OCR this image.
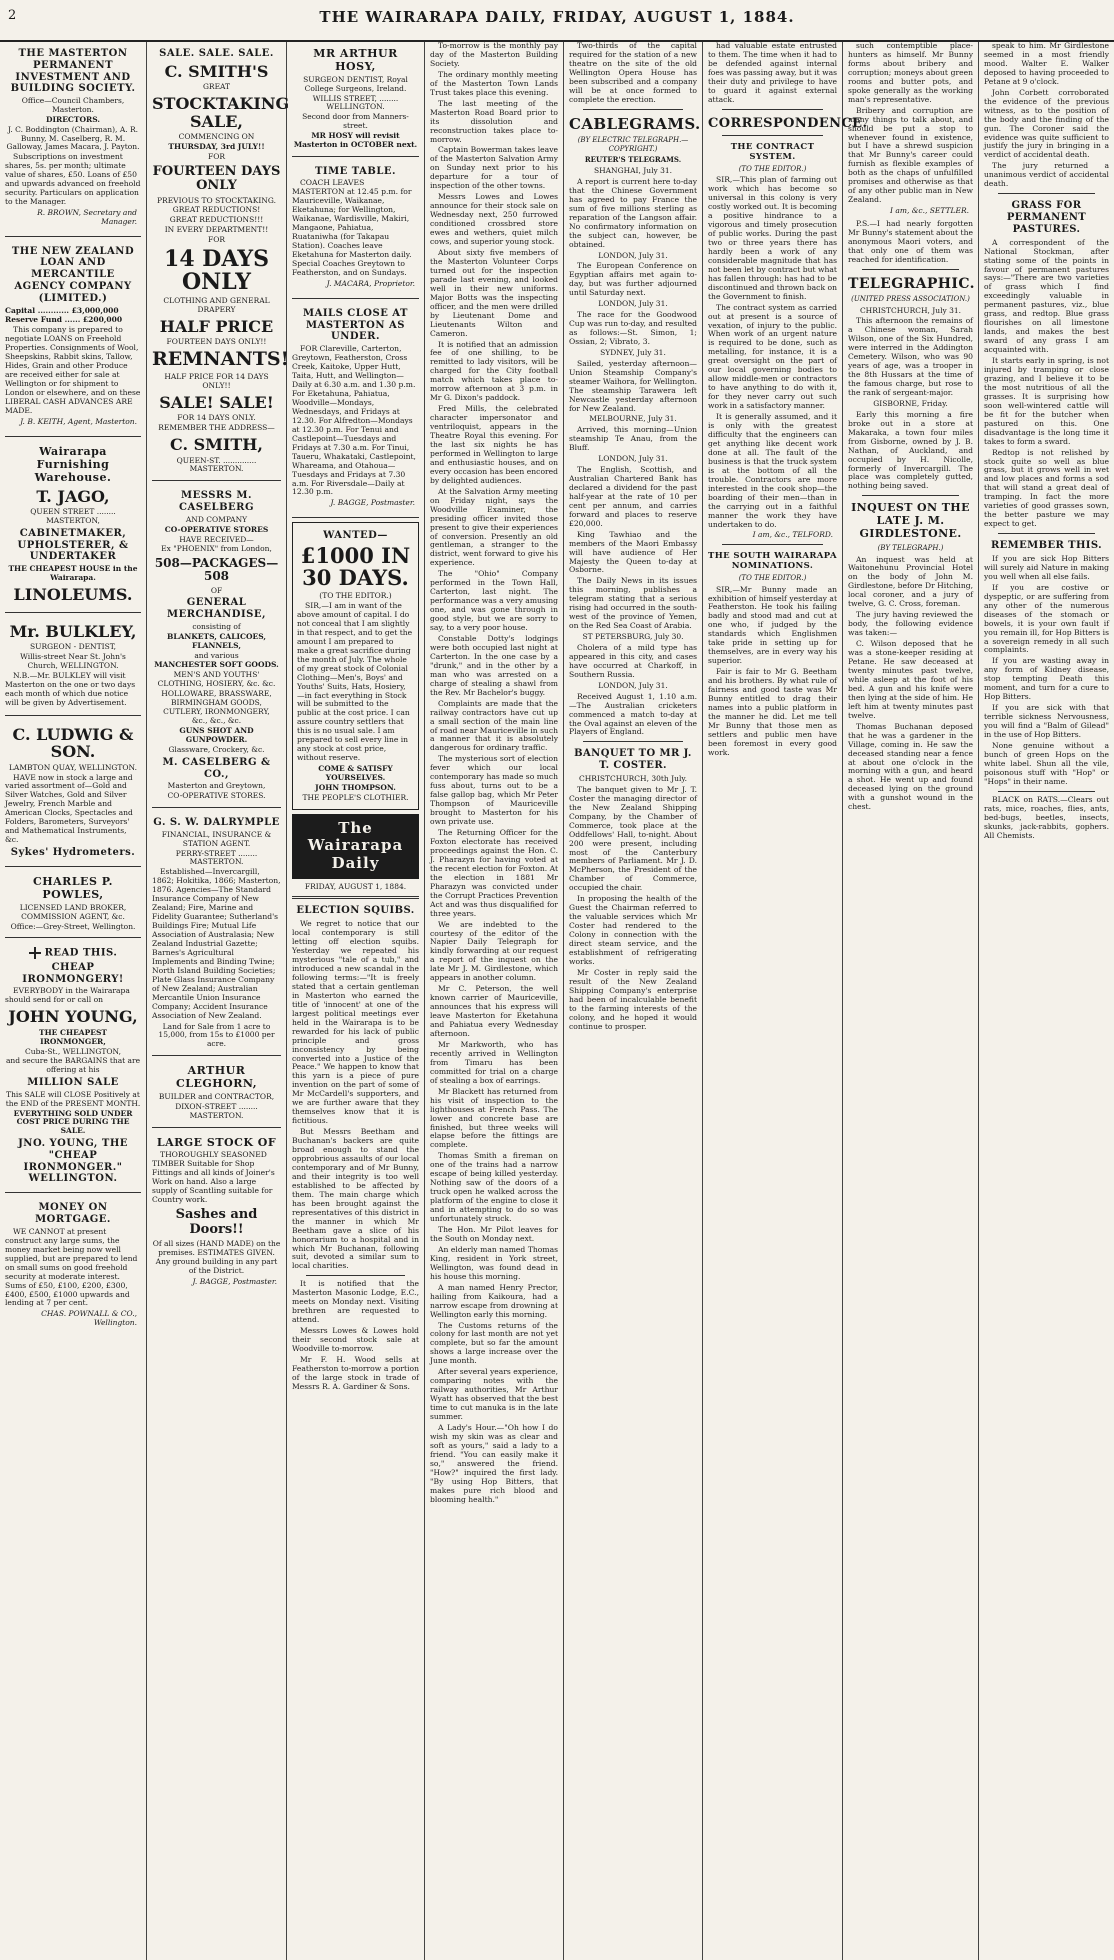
2	THE WAIRARAPA DAILY, FRIDAY, AUGUST 1, 1884.
THE MASTERTON PERMANENT INVESTMENT AND BUILDING SOCIETY.
Office—Council Chambers, Masterton.
DIRECTORS.
J. C. Boddington (Chairman), A. R. Bunny, M. Caselberg, R. M. Galloway, James Macara, J. Payton.

Subscriptions on investment shares, 5s. per month; ultimate value of shares, £50. Loans of £50 and upwards advanced on freehold security. Particulars on application to the Manager.

R. BROWN, Secretary and Manager.
THE NEW ZEALAND LOAN AND MERCANTILE AGENCY COMPANY (LIMITED.)
Capital ............ £3,000,000
Reserve Fund ...... £200,000

This company is prepared to negotiate LOANS on Freehold Properties. Consignments of Wool, Sheepskins, Rabbit skins, Tallow, Hides, Grain and other Produce are received either for sale at Wellington or for shipment to London or elsewhere, and on these LIBERAL CASH ADVANCES ARE MADE.

J. B. KEITH, Agent, Masterton.
Wairarapa Furnishing Warehouse.
T. JAGO,
QUEEN STREET ........ MASTERTON,
CABINETMAKER, UPHOLSTERER, & UNDERTAKER
THE CHEAPEST HOUSE in the Wairarapa.
LINOLEUMS.
Mr. BULKLEY,
SURGEON - DENTIST,
Willis-street Near St. John's Church, WELLINGTON.

N.B.—Mr. BULKLEY will visit Masterton on the one or two days each month of which due notice will be given by Advertisement.

C. LUDWIG & SON.
LAMBTON QUAY, WELLINGTON.

HAVE now in stock a large and varied assortment of—Gold and Silver Watches, Gold and Silver Jewelry, French Marble and American Clocks, Spectacles and Folders, Barometers, Surveyors' and Mathematical Instruments, &c.

Sykes' Hydrometers.
CHARLES P. POWLES,
LICENSED LAND BROKER, COMMISSION AGENT, &c.
Office:—Grey-Street, Wellington.
READ THIS.
CHEAP IRONMONGERY!

EVERYBODY in the Wairarapa should send for or call on

JOHN YOUNG,
THE CHEAPEST IRONMONGER,
Cuba-St., WELLINGTON,
and secure the BARGAINS that are offering at his
MILLION SALE
This SALE will CLOSE Positively at the END of the PRESENT MONTH.
EVERYTHING SOLD UNDER COST PRICE DURING THE SALE.
JNO. YOUNG, THE "CHEAP IRONMONGER." WELLINGTON.
MONEY ON MORTGAGE.

WE CANNOT at present construct any large sums, the money market being now well supplied, but are prepared to lend on small sums on good freehold security at moderate interest. Sums of £50, £100, £200, £300, £400, £500, £1000 upwards and lending at 7 per cent.

CHAS. POWNALL & CO., Wellington.
SALE. SALE. SALE.
C. SMITH'S
GREAT
STOCKTAKING SALE,
COMMENCING ON
THURSDAY, 3rd JULY!!
FOR
FOURTEEN DAYS ONLY
PREVIOUS TO STOCKTAKING.
GREAT REDUCTIONS!
GREAT REDUCTIONS!!!
IN EVERY DEPARTMENT!!
FOR
14 DAYS ONLY
CLOTHING AND GENERAL DRAPERY
HALF PRICE
FOURTEEN DAYS ONLY!!
REMNANTS!
HALF PRICE FOR 14 DAYS ONLY!!
SALE! SALE!
FOR 14 DAYS ONLY.
REMEMBER THE ADDRESS—
C. SMITH,
QUEEN-ST. .............. MASTERTON.
MESSRS M. CASELBERG
AND COMPANY
CO-OPERATIVE STORES
HAVE RECEIVED—
Ex "PHOENIX" from London,
508—PACKAGES—508
OF
GENERAL MERCHANDISE,
consisting of
BLANKETS, CALICOES, FLANNELS,
and various
MANCHESTER SOFT GOODS.
MEN'S AND YOUTHS' CLOTHING, HOSIERY, &c. &c.
HOLLOWARE, BRASSWARE, BIRMINGHAM GOODS, CUTLERY, IRONMONGERY,
&c., &c., &c.
GUNS SHOT AND GUNPOWDER.
Glassware, Crockery, &c.
M. CASELBERG & CO.,
Masterton and Greytown,
CO-OPERATIVE STORES.
G. S. W. DALRYMPLE
FINANCIAL, INSURANCE & STATION AGENT.
PERRY-STREET ........ MASTERTON.

Established—Invercargill, 1862; Hokitika, 1866; Masterton, 1876. Agencies—The Standard Insurance Company of New Zealand; Fire, Marine and Fidelity Guarantee; Sutherland's Buildings Fire; Mutual Life Association of Australasia; New Zealand Industrial Gazette; Barnes's Agricultural Implements and Binding Twine; North Island Building Societies; Plate Glass Insurance Company of New Zealand; Australian Mercantile Union Insurance Company; Accident Insurance Association of New Zealand.

Land for Sale from 1 acre to 15,000, from 15s to £1000 per acre.
ARTHUR CLEGHORN,
BUILDER and CONTRACTOR,
DIXON-STREET ........ MASTERTON.
LARGE STOCK OF

THOROUGHLY SEASONED TIMBER Suitable for Shop Fittings and all kinds of Joiner's Work on hand. Also a large supply of Scantling suitable for Country work.

Sashes and Doors!!
Of all sizes (HAND MADE) on the premises. ESTIMATES GIVEN.
Any ground building in any part of the District.
J. BAGGE, Postmaster.
MR ARTHUR HOSY,
SURGEON DENTIST, Royal College Surgeons, Ireland.
WILLIS STREET, ........ WELLINGTON.
Second door from Manners-street.
MR HOSY will revisit Masterton in OCTOBER next.
TIME TABLE.

COACH LEAVES MASTERTON at 12.45 p.m. for Mauriceville, Waikanae, Eketahuna; for Wellington, Waikanae, Wardisville, Makiri, Mangaone, Pahiatua, Ruataniwha (for Takapau Station). Coaches leave Eketahuna for Masterton daily. Special Coaches Greytown to Featherston, and on Sundays.

J. MACARA, Proprietor.
MAILS CLOSE AT MASTERTON AS UNDER.

FOR Clareville, Carterton, Greytown, Featherston, Cross Creek, Kaitoke, Upper Hutt, Taita, Hutt, and Wellington—Daily at 6.30 a.m. and 1.30 p.m. For Eketahuna, Pahiatua, Woodville—Mondays, Wednesdays, and Fridays at 12.30. For Alfredton—Mondays at 12.30 p.m. For Tenui and Castlepoint—Tuesdays and Fridays at 7.30 a.m. For Tinui, Taueru, Whakataki, Castlepoint, Whareama, and Otahoua—Tuesdays and Fridays at 7.30 a.m. For Riversdale—Daily at 12.30 p.m.

J. BAGGE, Postmaster.
WANTED—
£1000 IN 30 DAYS.
(TO THE EDITOR.)

SIR,—I am in want of the above amount of capital. I do not conceal that I am slightly in that respect, and to get the amount I am prepared to make a great sacrifice during the month of July. The whole of my great stock of Colonial Clothing—Men's, Boys' and Youths' Suits, Hats, Hosiery, —in fact everything in Stock will be submitted to the public at the cost price. I can assure country settlers that this is no usual sale. I am prepared to sell every line in any stock at cost price, without reserve.

COME & SATISFY YOURSELVES.
JOHN THOMPSON.
THE PEOPLE'S CLOTHIER.
The Wairarapa Daily
FRIDAY, AUGUST 1, 1884.
ELECTION SQUIBS.

We regret to notice that our local contemporary is still letting off election squibs. Yesterday we repeated his mysterious "tale of a tub," and introduced a new scandal in the following terms:—"It is freely stated that a certain gentleman in Masterton who earned the title of 'innocent' at one of the largest political meetings ever held in the Wairarapa is to be rewarded for his lack of public principle and gross inconsistency by being converted into a Justice of the Peace." We happen to know that this yarn is a piece of pure invention on the part of some of Mr McCardell's supporters, and we are further aware that they themselves know that it is fictitious.

But Messrs Beetham and Buchanan's backers are quite broad enough to stand the opprobrious assaults of our local contemporary and of Mr Bunny, and their integrity is too well established to be affected by them. The main charge which has been brought against the representatives of this district in the manner in which Mr Beetham gave a slice of his honorarium to a hospital and in which Mr Buchanan, following suit, devoted a similar sum to local charities.

It is notified that the Masterton Masonic Lodge, E.C., meets on Monday next. Visiting brethren are requested to attend.

Messrs Lowes & Lowes hold their second stock sale at Woodville to-morrow.

Mr F. H. Wood sells at Featherston to-morrow a portion of the large stock in trade of Messrs R. A. Gardiner & Sons.

To-morrow is the monthly pay day of the Masterton Building Society.

The ordinary monthly meeting of the Masterton Town Lands Trust takes place this evening.

The last meeting of the Masterton Road Board prior to its dissolution and reconstruction takes place to-morrow.

Captain Bowerman takes leave of the Masterton Salvation Army on Sunday next prior to his departure for a tour of inspection of the other towns.

Messrs Lowes and Lowes announce for their stock sale on Wednesday next, 250 furrowed conditioned crossbred store ewes and wethers, quiet milch cows, and superior young stock.

About sixty five members of the Masterton Volunteer Corps turned out for the inspection parade last evening, and looked well in their new uniforms. Major Botts was the inspecting officer, and the men were drilled by Lieutenant Dome and Lieutenants Wilton and Cameron.

It is notified that an admission fee of one shilling, to be remitted to lady visitors, will be charged for the City football match which takes place to-morrow afternoon at 3 p.m. in Mr G. Dixon's paddock.

Fred Mills, the celebrated character impersonator and ventriloquist, appears in the Theatre Royal this evening. For the last six nights he has performed in Wellington to large and enthusiastic houses, and on every occasion has been encored by delighted audiences.

At the Salvation Army meeting on Friday night, says the Woodville Examiner, the presiding officer invited those present to give their experiences of conversion. Presently an old gentleman, a stranger to the district, went forward to give his experience.

The "Ohio" Company performed in the Town Hall, Carterton, last night. The performance was a very amusing one, and was gone through in good style, but we are sorry to say, to a very poor house.

Constable Dotty's lodgings were both occupied last night at Carterton. In the one case by a "drunk," and in the other by a man who was arrested on a charge of stealing a shawl from the Rev. Mr Bachelor's buggy.

Complaints are made that the railway contractors have cut up a small section of the main line of road near Mauriceville in such a manner that it is absolutely dangerous for ordinary traffic.

The mysterious sort of election fever which our local contemporary has made so much fuss about, turns out to be a false gallop bag, which Mr Peter Thompson of Mauriceville brought to Masterton for his own private use.

The Returning Officer for the Foxton electorate has received proceedings against the Hon. C. J. Pharazyn for having voted at the recent election for Foxton. At the election in 1881 Mr Pharazyn was convicted under the Corrupt Practices Prevention Act and was thus disqualified for three years.

We are indebted to the courtesy of the editor of the Napier Daily Telegraph for kindly forwarding at our request a report of the inquest on the late Mr J. M. Girdlestone, which appears in another column.

Mr C. Peterson, the well known carrier of Mauriceville, announces that his express will leave Masterton for Eketahuna and Pahiatua every Wednesday afternoon.

Mr Markworth, who has recently arrived in Wellington from Timaru has been committed for trial on a charge of stealing a box of earrings.

Mr Blackett has returned from his visit of inspection to the lighthouses at French Pass. The lower and concrete base are finished, but three weeks will elapse before the fittings are complete.

Thomas Smith a fireman on one of the trains had a narrow escape of being killed yesterday. Nothing saw of the doors of a truck open he walked across the platform of the engine to close it and in attempting to do so was unfortunately struck.

The Hon. Mr Pilot leaves for the South on Monday next.

An elderly man named Thomas King, resident in York street, Wellington, was found dead in his house this morning.

A man named Henry Prector, hailing from Kaikoura, had a narrow escape from drowning at Wellington early this morning.

The Customs returns of the colony for last month are not yet complete, but so far the amount shows a large increase over the June month.

After several years experience, comparing notes with the railway authorities, Mr Arthur Wyatt has observed that the best time to cut manuka is in the late summer.

A Lady's Hour.—"Oh how I do wish my skin was as clear and soft as yours," said a lady to a friend. "You can easily make it so," answered the friend. "How?" inquired the first lady. "By using Hop Bitters, that makes pure rich blood and blooming health."

Two-thirds of the capital required for the station of a new theatre on the site of the old Wellington Opera House has been subscribed and a company will be at once formed to complete the erection.

CABLEGRAMS.
(BY ELECTRIC TELEGRAPH.—COPYRIGHT.)
REUTER'S TELEGRAMS.
SHANGHAI, July 31.

A report is current here to-day that the Chinese Government has agreed to pay France the sum of five millions sterling as reparation of the Langson affair. No confirmatory information on the subject can, however, be obtained.

LONDON, July 31.

The European Conference on Egyptian affairs met again to-day, but was further adjourned until Saturday next.

LONDON, July 31.

The race for the Goodwood Cup was run to-day, and resulted as follows:—St. Simon, 1; Ossian, 2; Vibrato, 3.

SYDNEY, July 31.

Sailed, yesterday afternoon—Union Steamship Company's steamer Waihora, for Wellington. The steamship Tarawera left Newcastle yesterday afternoon for New Zealand.

MELBOURNE, July 31.

Arrived, this morning—Union steamship Te Anau, from the Bluff.

LONDON, July 31.

The English, Scottish, and Australian Chartered Bank has declared a dividend for the past half-year at the rate of 10 per cent per annum, and carries forward and places to reserve £20,000.

King Tawhiao and the members of the Maori Embassy will have audience of Her Majesty the Queen to-day at Osborne.

The Daily News in its issues this morning, publishes a telegram stating that a serious rising had occurred in the south-west of the province of Yemen, on the Red Sea Coast of Arabia.

ST PETERSBURG, July 30.

Cholera of a mild type has appeared in this city, and cases have occurred at Charkoff, in Southern Russia.

LONDON, July 31.

Received August 1, 1.10 a.m.—The Australian cricketers commenced a match to-day at the Oval against an eleven of the Players of England.

BANQUET TO MR J. T. COSTER.
CHRISTCHURCH, 30th July.

The banquet given to Mr J. T. Coster the managing director of the New Zealand Shipping Company, by the Chamber of Commerce, took place at the Oddfellows' Hall, to-night. About 200 were present, including most of the Canterbury members of Parliament. Mr J. D. McPherson, the President of the Chamber of Commerce, occupied the chair.

In proposing the health of the Guest the Chairman referred to the valuable services which Mr Coster had rendered to the Colony in connection with the direct steam service, and the establishment of refrigerating works.

Mr Coster in reply said the result of the New Zealand Shipping Company's enterprise had been of incalculable benefit to the farming interests of the colony, and he hoped it would continue to prosper.

had valuable estate entrusted to them. The time when it had to be defended against internal foes was passing away, but it was their duty and privilege to have to guard it against external attack.

CORRESPONDENCE.
THE CONTRACT SYSTEM.
(TO THE EDITOR.)

SIR,—This plan of farming out work which has become so universal in this colony is very costly worked out. It is becoming a positive hindrance to a vigorous and timely prosecution of public works. During the past two or three years there has hardly been a work of any considerable magnitude that has not been let by contract but what has fallen through: has had to be discontinued and thrown back on the Government to finish.

The contract system as carried out at present is a source of vexation, of injury to the public. When work of an urgent nature is required to be done, such as metalling, for instance, it is a great oversight on the part of our local governing bodies to allow middle-men or contractors to have anything to do with it, for they never carry out such work in a satisfactory manner.

It is generally assumed, and it is only with the greatest difficulty that the engineers can get anything like decent work done at all. The fault of the business is that the truck system is at the bottom of all the trouble. Contractors are more interested in the cook shop—the boarding of their men—than in the carrying out in a faithful manner the work they have undertaken to do.

I am, &c., TELFORD.
THE SOUTH WAIRARAPA NOMINATIONS.
(TO THE EDITOR.)

SIR,—Mr Bunny made an exhibition of himself yesterday at Featherston. He took his failing badly and stood mad and cut at one who, if judged by the standards which Englishmen take pride in setting up for themselves, are in every way his superior.

Fair is fair to Mr G. Beetham and his brothers. By what rule of fairness and good taste was Mr Bunny entitled to drag their names into a public platform in the manner he did. Let me tell Mr Bunny that those men as settlers and public men have been foremost in every good work.

such contemptible place-hunters as himself. Mr Bunny forms about bribery and corruption; moneys about green rooms and butter pots, and spoke generally as the working man's representative.

Bribery and corruption are many things to talk about, and should be put a stop to whenever found in existence, but I have a shrewd suspicion that Mr Bunny's career could furnish as flexible examples of both as the chaps of unfulfilled promises and otherwise as that of any other public man in New Zealand.

I am, &c., SETTLER.

P.S.—I had nearly forgotten Mr Bunny's statement about the anonymous Maori voters, and that only one of them was reached for identification.

TELEGRAPHIC.
(UNITED PRESS ASSOCIATION.)
CHRISTCHURCH, July 31.

This afternoon the remains of a Chinese woman, Sarah Wilson, one of the Six Hundred, were interred in the Addington Cemetery. Wilson, who was 90 years of age, was a trooper in the 8th Hussars at the time of the famous charge, but rose to the rank of sergeant-major.

GISBORNE, Friday.

Early this morning a fire broke out in a store at Makaraka, a town four miles from Gisborne, owned by J. B. Nathan, of Auckland, and occupied by H. Nicolle, formerly of Invercargill. The place was completely gutted, nothing being saved.

INQUEST ON THE LATE J. M. GIRDLESTONE.
(BY TELEGRAPH.)

An inquest was held at Waitonehunu Provincial Hotel on the body of John M. Girdlestone, before Dr Hitching, local coroner, and a jury of twelve, G. C. Cross, foreman.

The jury having reviewed the body, the following evidence was taken:—

C. Wilson deposed that he was a stone-keeper residing at Petane. He saw deceased at twenty minutes past twelve, while asleep at the foot of his bed. A gun and his knife were then lying at the side of him. He left him at twenty minutes past twelve.

Thomas Buchanan deposed that he was a gardener in the Village, coming in. He saw the deceased standing near a fence at about one o'clock in the morning with a gun, and heard a shot. He went up and found deceased lying on the ground with a gunshot wound in the chest.

speak to him. Mr Girdlestone seemed in a most friendly mood. Walter E. Walker deposed to having proceeded to Petane at 9 o'clock.

John Corbett corroborated the evidence of the previous witness, as to the position of the body and the finding of the gun. The Coroner said the evidence was quite sufficient to justify the jury in bringing in a verdict of accidental death.

The jury returned a unanimous verdict of accidental death.

GRASS FOR PERMANENT PASTURES.

A correspondent of the National Stockman, after stating some of the points in favour of permanent pastures says:—"There are two varieties of grass which I find exceedingly valuable in permanent pastures, viz., blue grass, and redtop. Blue grass flourishes on all limestone lands, and makes the best sward of any grass I am acquainted with.

It starts early in spring, is not injured by tramping or close grazing, and I believe it to be the most nutritious of all the grasses. It is surprising how soon well-wintered cattle will be fit for the butcher when pastured on this. One disadvantage is the long time it takes to form a sward.

Redtop is not relished by stock quite so well as blue grass, but it grows well in wet and low places and forms a sod that will stand a great deal of tramping. In fact the more varieties of good grasses sown, the better pasture we may expect to get.

REMEMBER THIS.

If you are sick Hop Bitters will surely aid Nature in making you well when all else fails.

If you are costive or dyspeptic, or are suffering from any other of the numerous diseases of the stomach or bowels, it is your own fault if you remain ill, for Hop Bitters is a sovereign remedy in all such complaints.

If you are wasting away in any form of Kidney disease, stop tempting Death this moment, and turn for a cure to Hop Bitters.

If you are sick with that terrible sickness Nervousness, you will find a "Balm of Gilead" in the use of Hop Bitters.

None genuine without a bunch of green Hops on the white label. Shun all the vile, poisonous stuff with "Hop" or "Hops" in their name.

BLACK on RATS.—Clears out rats, mice, roaches, flies, ants, bed-bugs, beetles, insects, skunks, jack-rabbits, gophers. All Chemists.
